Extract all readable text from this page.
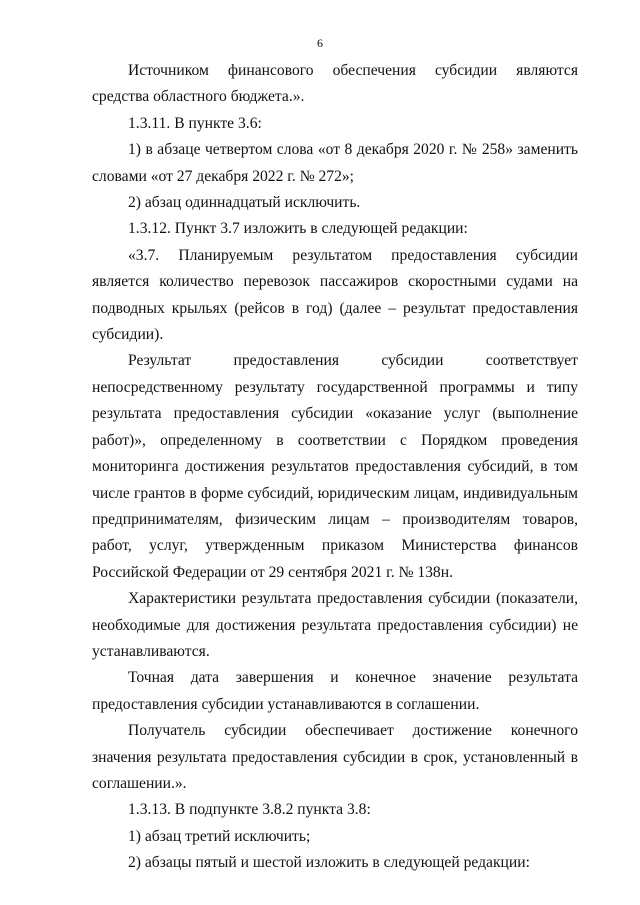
6

Источником финансового обеспечения субсидии являются средства областного бюджета.».

1.3.11. В пункте 3.6:

1) в абзаце четвертом слова «от 8 декабря 2020 г. № 258» заменить словами «от 27 декабря 2022 г. № 272»;

2) абзац одиннадцатый исключить.

1.3.12. Пункт 3.7 изложить в следующей редакции:

«3.7. Планируемым результатом предоставления субсидии является количество перевозок пассажиров скоростными судами на подводных крыльях (рейсов в год) (далее – результат предоставления субсидии).

Результат предоставления субсидии соответствует непосредственному результату государственной программы и типу результата предоставления субсидии «оказание услуг (выполнение работ)», определенному в соответствии с Порядком проведения мониторинга достижения результатов предоставления субсидий, в том числе грантов в форме субсидий, юридическим лицам, индивидуальным предпринимателям, физическим лицам – производителям товаров, работ, услуг, утвержденным приказом Министерства финансов Российской Федерации от 29 сентября 2021 г. № 138н.

Характеристики результата предоставления субсидии (показатели, необходимые для достижения результата предоставления субсидии) не устанавливаются.

Точная дата завершения и конечное значение результата предоставления субсидии устанавливаются в соглашении.

Получатель субсидии обеспечивает достижение конечного значения результата предоставления субсидии в срок, установленный в соглашении.».

1.3.13. В подпункте 3.8.2 пункта 3.8:

1) абзац третий исключить;

2) абзацы пятый и шестой изложить в следующей редакции:
